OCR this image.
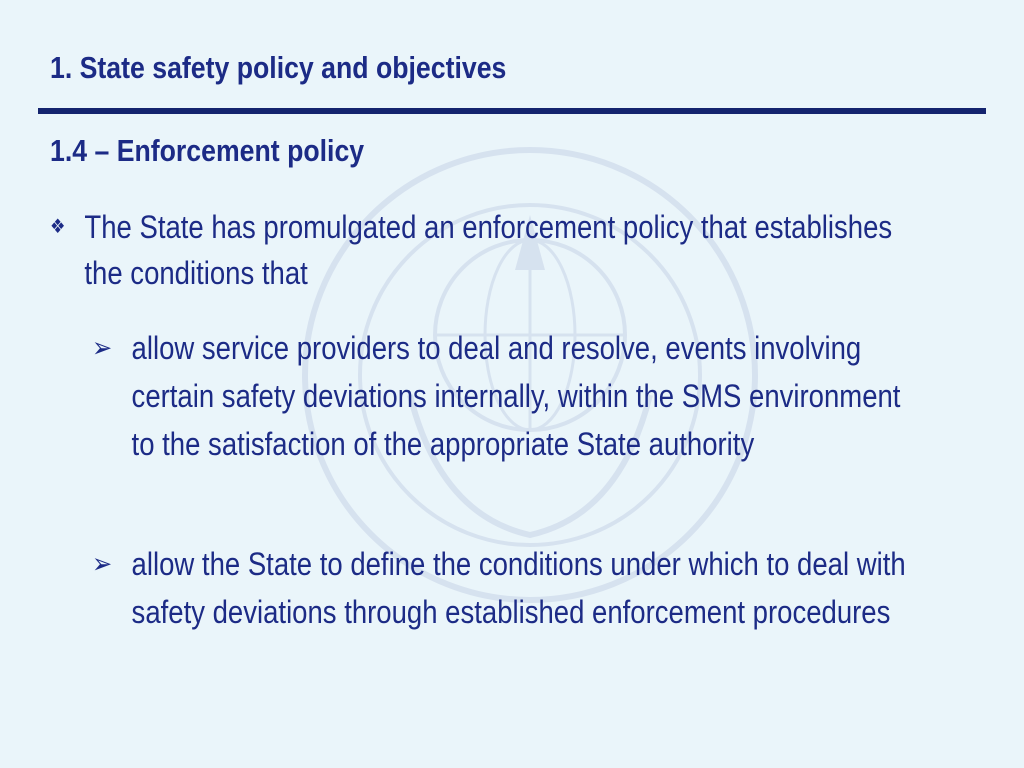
1. State safety policy and objectives
1.4 – Enforcement policy
❖ The State has promulgated an enforcement policy that establishes the conditions that
➢ allow service providers to deal and resolve, events involving certain safety deviations internally, within the SMS environment to the satisfaction of the appropriate State authority
➢ allow the State to define the conditions under which to deal with safety deviations through established enforcement procedures
